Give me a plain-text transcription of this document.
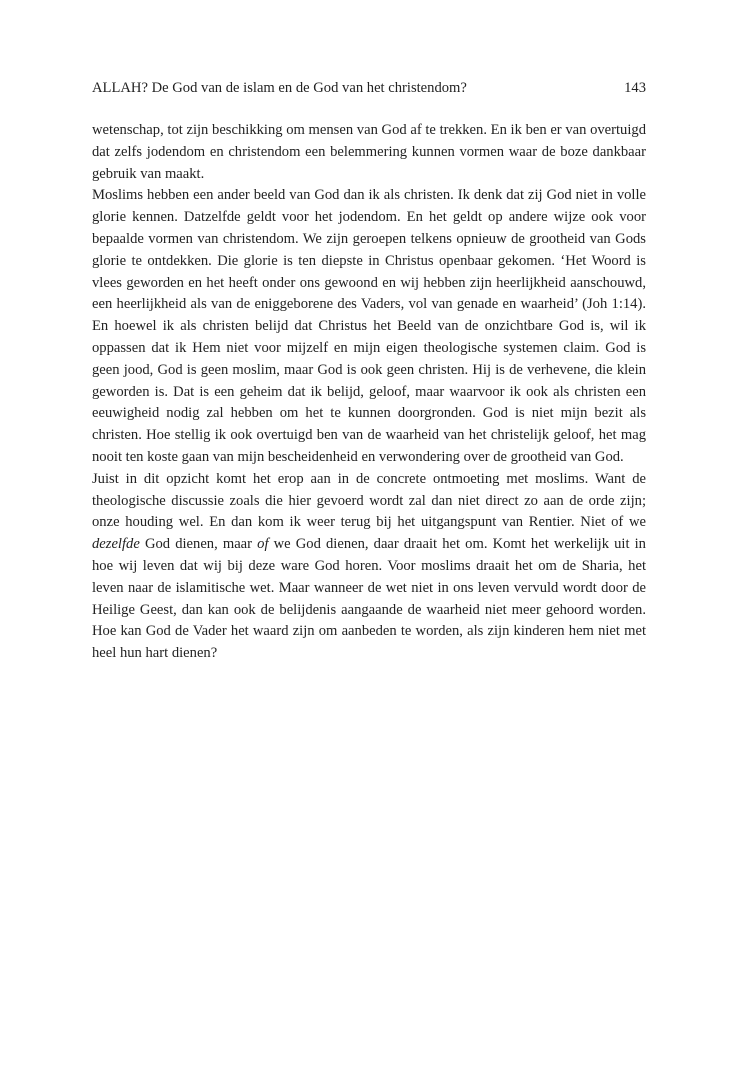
ALLAH? De God van de islam en de God van het christendom?	143

wetenschap, tot zijn beschikking om mensen van God af te trekken. En ik ben er van overtuigd dat zelfs jodendom en christendom een belemmering kunnen vormen waar de boze dankbaar gebruik van maakt.

Moslims hebben een ander beeld van God dan ik als christen. Ik denk dat zij God niet in volle glorie kennen. Datzelfde geldt voor het jodendom. En het geldt op andere wijze ook voor bepaalde vormen van christendom. We zijn geroepen telkens opnieuw de grootheid van Gods glorie te ontdekken. Die glorie is ten diepste in Christus openbaar gekomen. ‘Het Woord is vlees geworden en het heeft onder ons gewoond en wij hebben zijn heerlijkheid aanschouwd, een heerlijkheid als van de eniggeborene des Vaders, vol van genade en waarheid’ (Joh 1:14). En hoewel ik als christen belijd dat Christus het Beeld van de onzichtbare God is, wil ik oppassen dat ik Hem niet voor mijzelf en mijn eigen theologische systemen claim. God is geen jood, God is geen moslim, maar God is ook geen christen. Hij is de verhevene, die klein geworden is. Dat is een geheim dat ik belijd, geloof, maar waarvoor ik ook als christen een eeuwigheid nodig zal hebben om het te kunnen doorgronden. God is niet mijn bezit als christen. Hoe stellig ik ook overtuigd ben van de waarheid van het christelijk geloof, het mag nooit ten koste gaan van mijn bescheidenheid en verwondering over de grootheid van God.

Juist in dit opzicht komt het erop aan in de concrete ontmoeting met moslims. Want de theologische discussie zoals die hier gevoerd wordt zal dan niet direct zo aan de orde zijn; onze houding wel. En dan kom ik weer terug bij het uitgangspunt van Rentier. Niet of we dezelfde God dienen, maar of we God dienen, daar draait het om. Komt het werkelijk uit in hoe wij leven dat wij bij deze ware God horen. Voor moslims draait het om de Sharia, het leven naar de islamitische wet. Maar wanneer de wet niet in ons leven vervuld wordt door de Heilige Geest, dan kan ook de belijdenis aangaande de waarheid niet meer gehoord worden. Hoe kan God de Vader het waard zijn om aanbeden te worden, als zijn kinderen hem niet met heel hun hart dienen?
